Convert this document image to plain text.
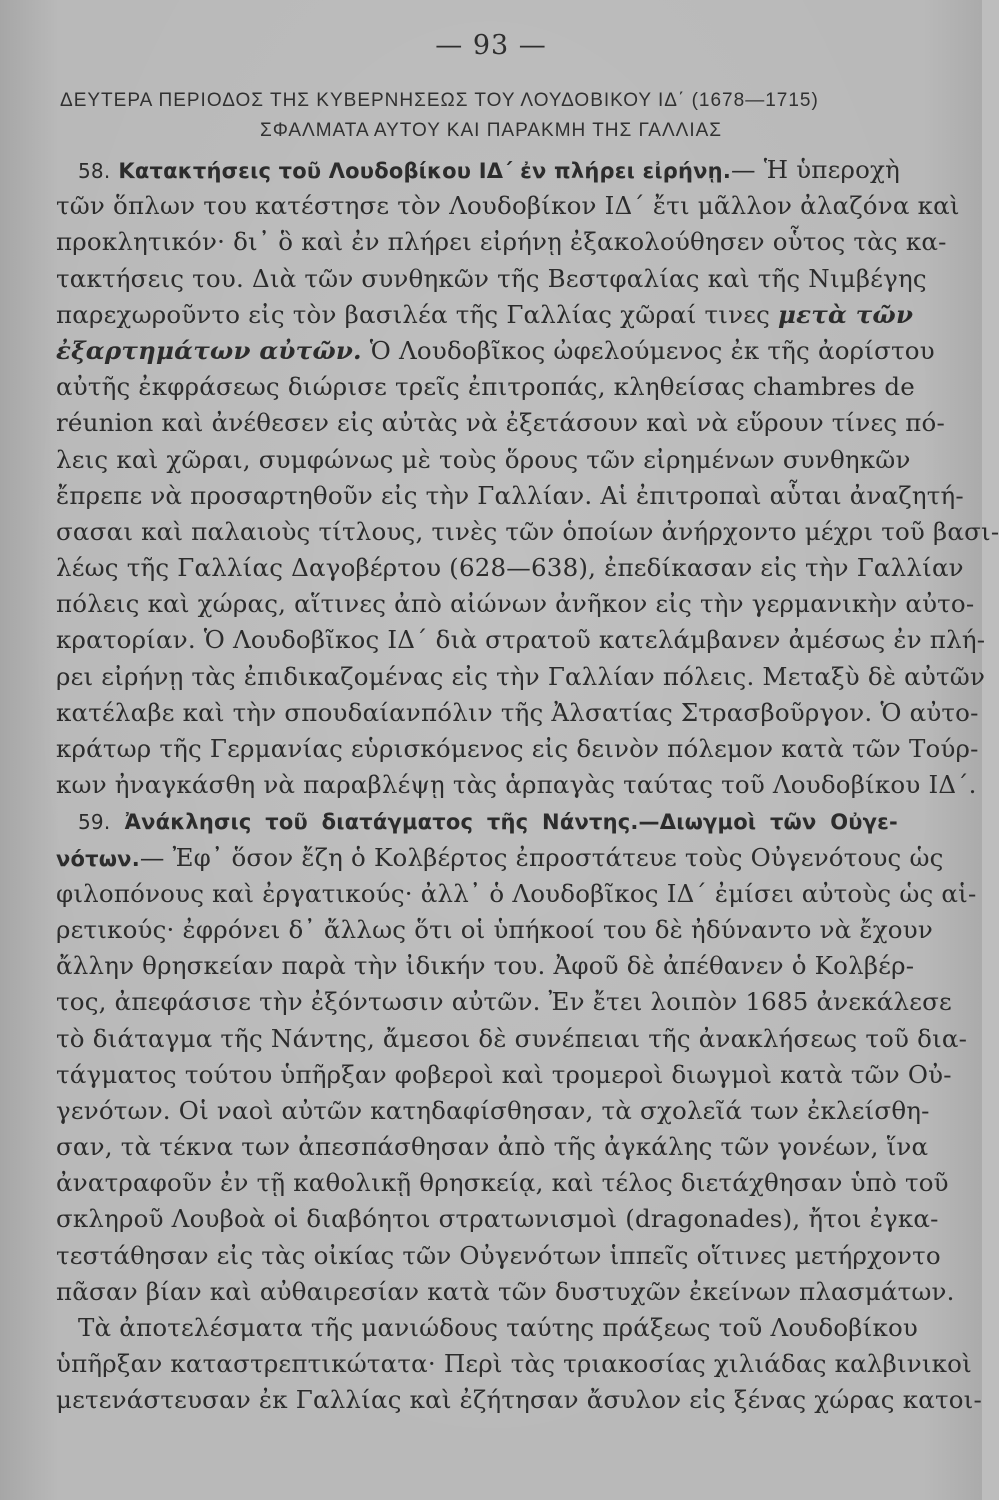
— 93 —
ΔΕΥΤΕΡΑ ΠΕΡΙΟΔΟΣ ΤΗΣ ΚΥΒΕΡΝΗΣΕΩΣ ΤΟΥ ΛΟΥΔΟΒΙΚΟΥ ΙΔ΄ (1678—1715)
ΣΦΑΛΜΑΤΑ ΑΥΤΟΥ ΚΑΙ ΠΑΡΑΚΜΗ ΤΗΣ ΓΑΛΛΙΑΣ
58. Κατακτήσεις τοῦ Λουδοβίκου ΙΔ΄ ἐν πλήρει εἰρήνῃ.— Ἡ ὑπεροχὴ
τῶν ὅπλων του κατέστησε τὸν Λουδοβίκον ΙΔ΄ ἔτι μᾶλλον ἀλαζόνα καὶ
προκλητικόν· δι᾽ ὃ καὶ ἐν πλήρει εἰρήνῃ ἐξακολούθησεν οὗτος τὰς κα-
τακτήσεις του. Διὰ τῶν συνθηκῶν τῆς Βεστφαλίας καὶ τῆς Νιμβέγης
παρεχωροῦντο εἰς τὸν βασιλέα τῆς Γαλλίας χῶραί τινες μετὰ τῶν
ἐξαρτημάτων αὐτῶν. Ὁ Λουδοβῖκος ὠφελούμενος ἐκ τῆς ἀορίστου
αὐτῆς ἐκφράσεως διώρισε τρεῖς ἐπιτροπάς, κληθείσας chambres de
réunion καὶ ἀνέθεσεν εἰς αὐτὰς νὰ ἐξετάσουν καὶ νὰ εὕρουν τίνες πό-
λεις καὶ χῶραι, συμφώνως μὲ τοὺς ὅρους τῶν εἰρημένων συνθηκῶν
ἔπρεπε νὰ προσαρτηθοῦν εἰς τὴν Γαλλίαν. Αἱ ἐπιτροπαὶ αὗται ἀναζητή-
σασαι καὶ παλαιοὺς τίτλους, τινὲς τῶν ὁποίων ἀνήρχοντο μέχρι τοῦ βασι-
λέως τῆς Γαλλίας Δαγοβέρτου (628—638), ἐπεδίκασαν εἰς τὴν Γαλλίαν
πόλεις καὶ χώρας, αἵτινες ἀπὸ αἰώνων ἀνῆκον εἰς τὴν γερμανικὴν αὐτο-
κρατορίαν. Ὁ Λουδοβῖκος ΙΔ΄ διὰ στρατοῦ κατελάμβανεν ἀμέσως ἐν πλή-
ρει εἰρήνῃ τὰς ἐπιδικαζομένας εἰς τὴν Γαλλίαν πόλεις. Μεταξὺ δὲ αὐτῶν
κατέλαβε καὶ τὴν σπουδαίανπόλιν τῆς Ἀλσατίας Στρασβοῦργον. Ὁ αὐτο-
κράτωρ τῆς Γερμανίας εὑρισκόμενος εἰς δεινὸν πόλεμον κατὰ τῶν Τούρ-
κων ἠναγκάσθη νὰ παραβλέψῃ τὰς ἁρπαγὰς ταύτας τοῦ Λουδοβίκου ΙΔ΄.
59. Ἀνάκλησις τοῦ διατάγματος τῆς Νάντης.—Διωγμοὶ τῶν Οὐγε-
νότων.— Ἐφ᾽ ὅσον ἔζη ὁ Κολβέρτος ἐπροστάτευε τοὺς Οὐγενότους ὡς
φιλοπόνους καὶ ἐργατικούς· ἀλλ᾽ ὁ Λουδοβῖκος ΙΔ΄ ἐμίσει αὐτοὺς ὡς αἱ-
ρετικούς· ἐφρόνει δ᾽ ἄλλως ὅτι οἱ ὑπήκοοί του δὲ ἠδύναντο νὰ ἔχουν
ἄλλην θρησκείαν παρὰ τὴν ἰδικήν του. Ἀφοῦ δὲ ἀπέθανεν ὁ Κολβέρ-
τος, ἀπεφάσισε τὴν ἐξόντωσιν αὐτῶν. Ἐν ἔτει λοιπὸν 1685 ἀνεκάλεσε
τὸ διάταγμα τῆς Νάντης, ἄμεσοι δὲ συνέπειαι τῆς ἀνακλήσεως τοῦ δια-
τάγματος τούτου ὑπῆρξαν φοβεροὶ καὶ τρομεροὶ διωγμοὶ κατὰ τῶν Οὐ-
γενότων. Οἱ ναοὶ αὐτῶν κατηδαφίσθησαν, τὰ σχολεῖά των ἐκλείσθη-
σαν, τὰ τέκνα των ἀπεσπάσθησαν ἀπὸ τῆς ἀγκάλης τῶν γονέων, ἵνα
ἀνατραφοῦν ἐν τῇ καθολικῇ θρησκείᾳ, καὶ τέλος διετάχθησαν ὑπὸ τοῦ
σκληροῦ Λουβοὰ οἱ διαβόητοι στρατωνισμοὶ (dragonades), ἤτοι ἐγκα-
τεστάθησαν εἰς τὰς οἰκίας τῶν Οὐγενότων ἱππεῖς οἵτινες μετήρχοντο
πᾶσαν βίαν καὶ αὐθαιρεσίαν κατὰ τῶν δυστυχῶν ἐκείνων πλασμάτων.
Τὰ ἀποτελέσματα τῆς μανιώδους ταύτης πράξεως τοῦ Λουδοβίκου
ὑπῆρξαν καταστρεπτικώτατα· Περὶ τὰς τριακοσίας χιλιάδας καλβινικοὶ
μετενάστευσαν ἐκ Γαλλίας καὶ ἐζήτησαν ἄσυλον εἰς ξένας χώρας κατοι-
